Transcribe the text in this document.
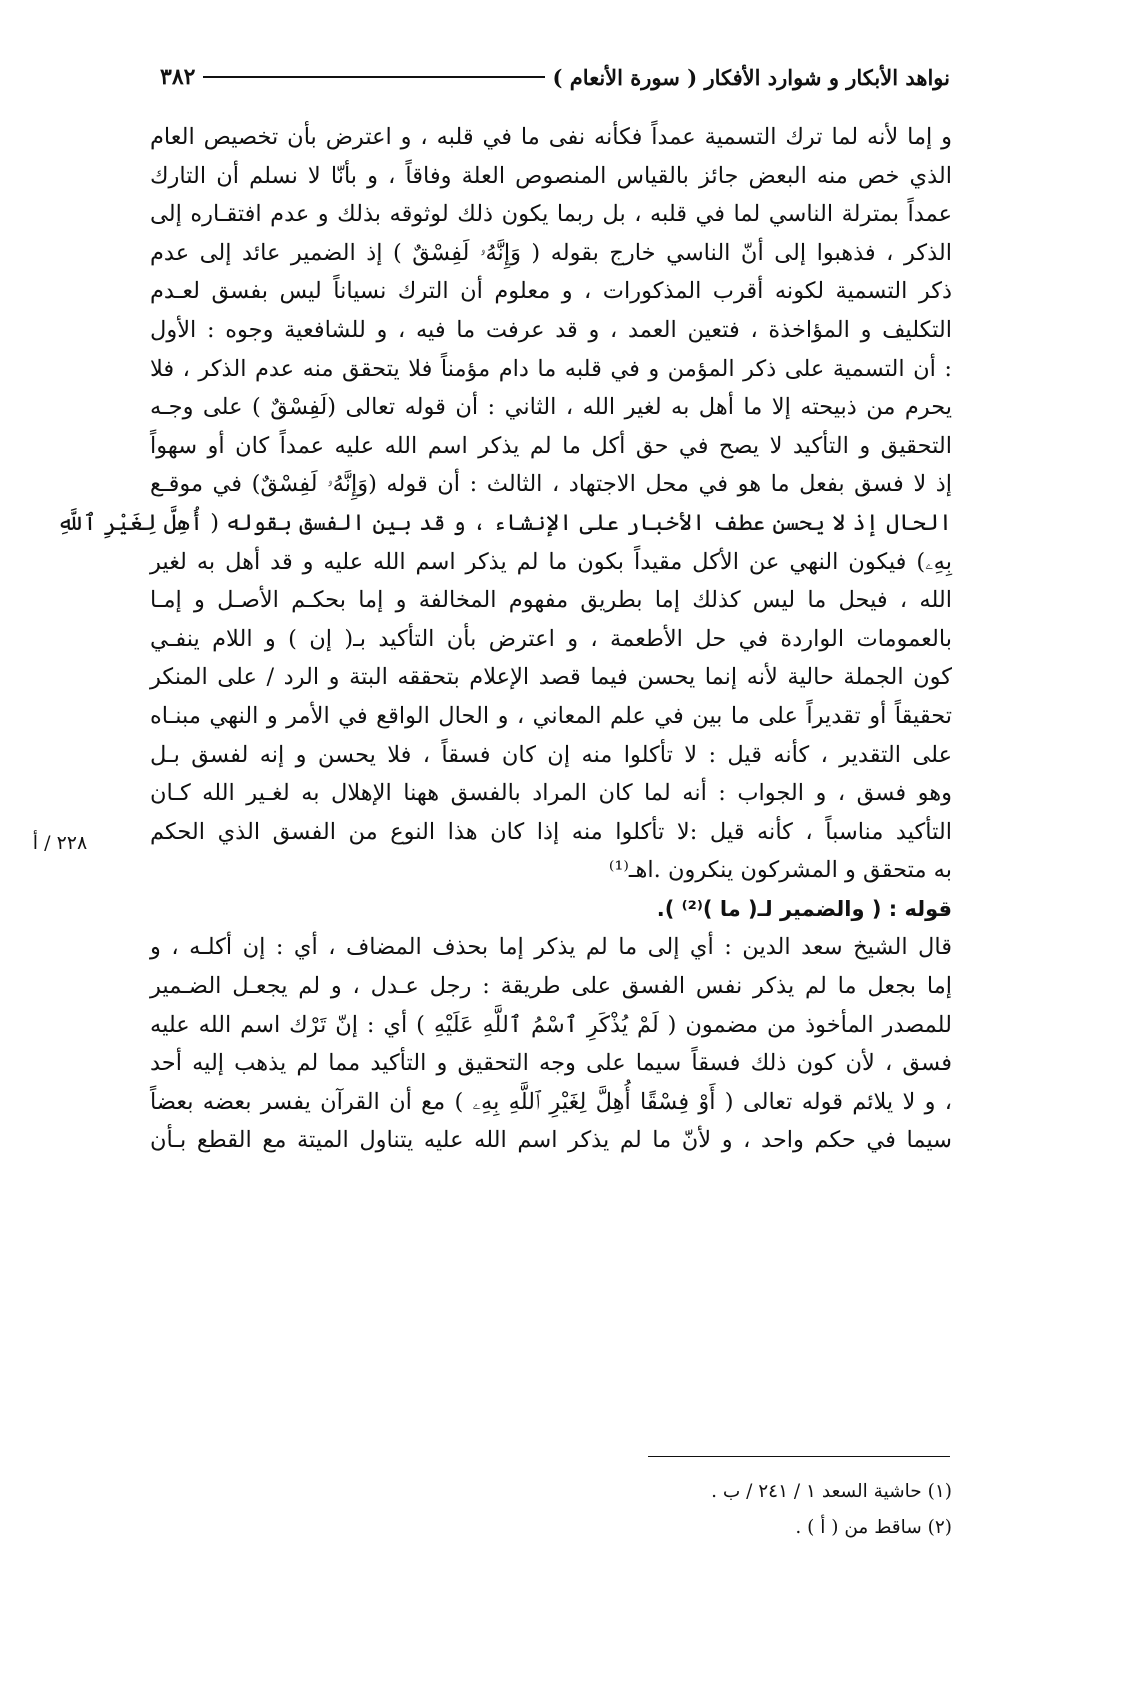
نواهد الأبكار و شوارد الأفكار ( سورة الأنعام )
٣٨٢
٢٢٨ / أ
و إما لأنه لما ترك التسمية عمداً فكأنه نفى ما في قلبه ، و اعترض بأن تخصيص العام
الذي خص منه البعض جائز بالقياس المنصوص العلة وفاقاً ، و بأنّا لا نسلم أن التارك
عمداً بمترلة الناسي لما في قلبه ، بل ربما يكون ذلك لوثوقه بذلك و عدم افتقـاره إلى
الذكر ، فذهبوا إلى أنّ الناسي خارج بقوله ( وَإِنَّهُۥ لَفِسْقٌ ) إذ الضمير عائد إلى عدم
ذكر التسمية لكونه أقرب المذكورات ، و معلوم أن الترك نسياناً ليس بفسق لعـدم
التكليف و المؤاخذة ، فتعين العمد ، و قد عرفت ما فيه ، و للشافعية وجوه : الأول
: أن التسمية على ذكر المؤمن و في قلبه ما دام مؤمناً فلا يتحقق منه عدم الذكر ، فلا
يحرم من ذبيحته إلا ما أهل به لغير الله ، الثاني : أن قوله تعالى (لَفِسْقٌ ) على وجـه
التحقيق و التأكيد لا يصح في حق أكل ما لم يذكر اسم الله عليه عمداً كان أو سهواً
إذ لا فسق بفعل ما هو في محل الاجتهاد ، الثالث : أن قوله (وَإِنَّهُۥ لَفِسْقٌ) في موقـع
الحال إذ لا يحسن عطف الأخبار على الإنشاء ، و قد بين الفسق بقوله ( أُهِلَّ لِغَيْرِ ٱللَّهِ
بِهِۦ) فيكون النهي عن الأكل مقيداً بكون ما لم يذكر اسم الله عليه و قد أهل به لغير
الله ، فيحل ما ليس كذلك إما بطريق مفهوم المخالفة و إما بحكـم الأصـل و إمـا
بالعمومات الواردة في حل الأطعمة ، و اعترض بأن التأكيد بـ( إن ) و اللام ينفـي
كون الجملة حالية لأنه إنما يحسن فيما قصد الإعلام بتحققه البتة و الرد / على المنكر
تحقيقاً أو تقديراً على ما بين في علم المعاني ، و الحال الواقع في الأمر و النهي مبنـاه
على التقدير ، كأنه قيل : لا تأكلوا منه إن كان فسقاً ، فلا يحسن و إنه لفسق بـل
وهو فسق ، و الجواب : أنه لما كان المراد بالفسق ههنا الإهلال به لغـير الله كـان
التأكيد مناسباً ، كأنه قيل :لا تأكلوا منه إذا كان هذا النوع من الفسق الذي الحكم
به متحقق و المشركون ينكرون .اهـ⁽¹⁾
قوله : ( والضمير لـ( ما )⁽²⁾ ).
قال الشيخ سعد الدين : أي إلى ما لم يذكر إما بحذف المضاف ، أي : إن أكلـه ، و
إما بجعل ما لم يذكر نفس الفسق على طريقة : رجل عـدل ، و لم يجعـل الضـمير
للمصدر المأخوذ من مضمون ( لَمْ يُذْكَرِ ٱسْمُ ٱللَّهِ عَلَيْهِ ) أي : إنّ تَرْك اسم الله عليه
فسق ، لأن كون ذلك فسقاً سيما على وجه التحقيق و التأكيد مما لم يذهب إليه أحد
، و لا يلائم قوله تعالى ( أَوْ فِسْقًا أُهِلَّ لِغَيْرِ ٱللَّهِ بِهِۦ ) مع أن القرآن يفسر بعضه بعضاً
سيما في حكم واحد ، و لأنّ ما لم يذكر اسم الله عليه يتناول الميتة مع القطع بـأن
(١) حاشية السعد ١ / ٢٤١ / ب .
(٢) ساقط من ( أ ) .
